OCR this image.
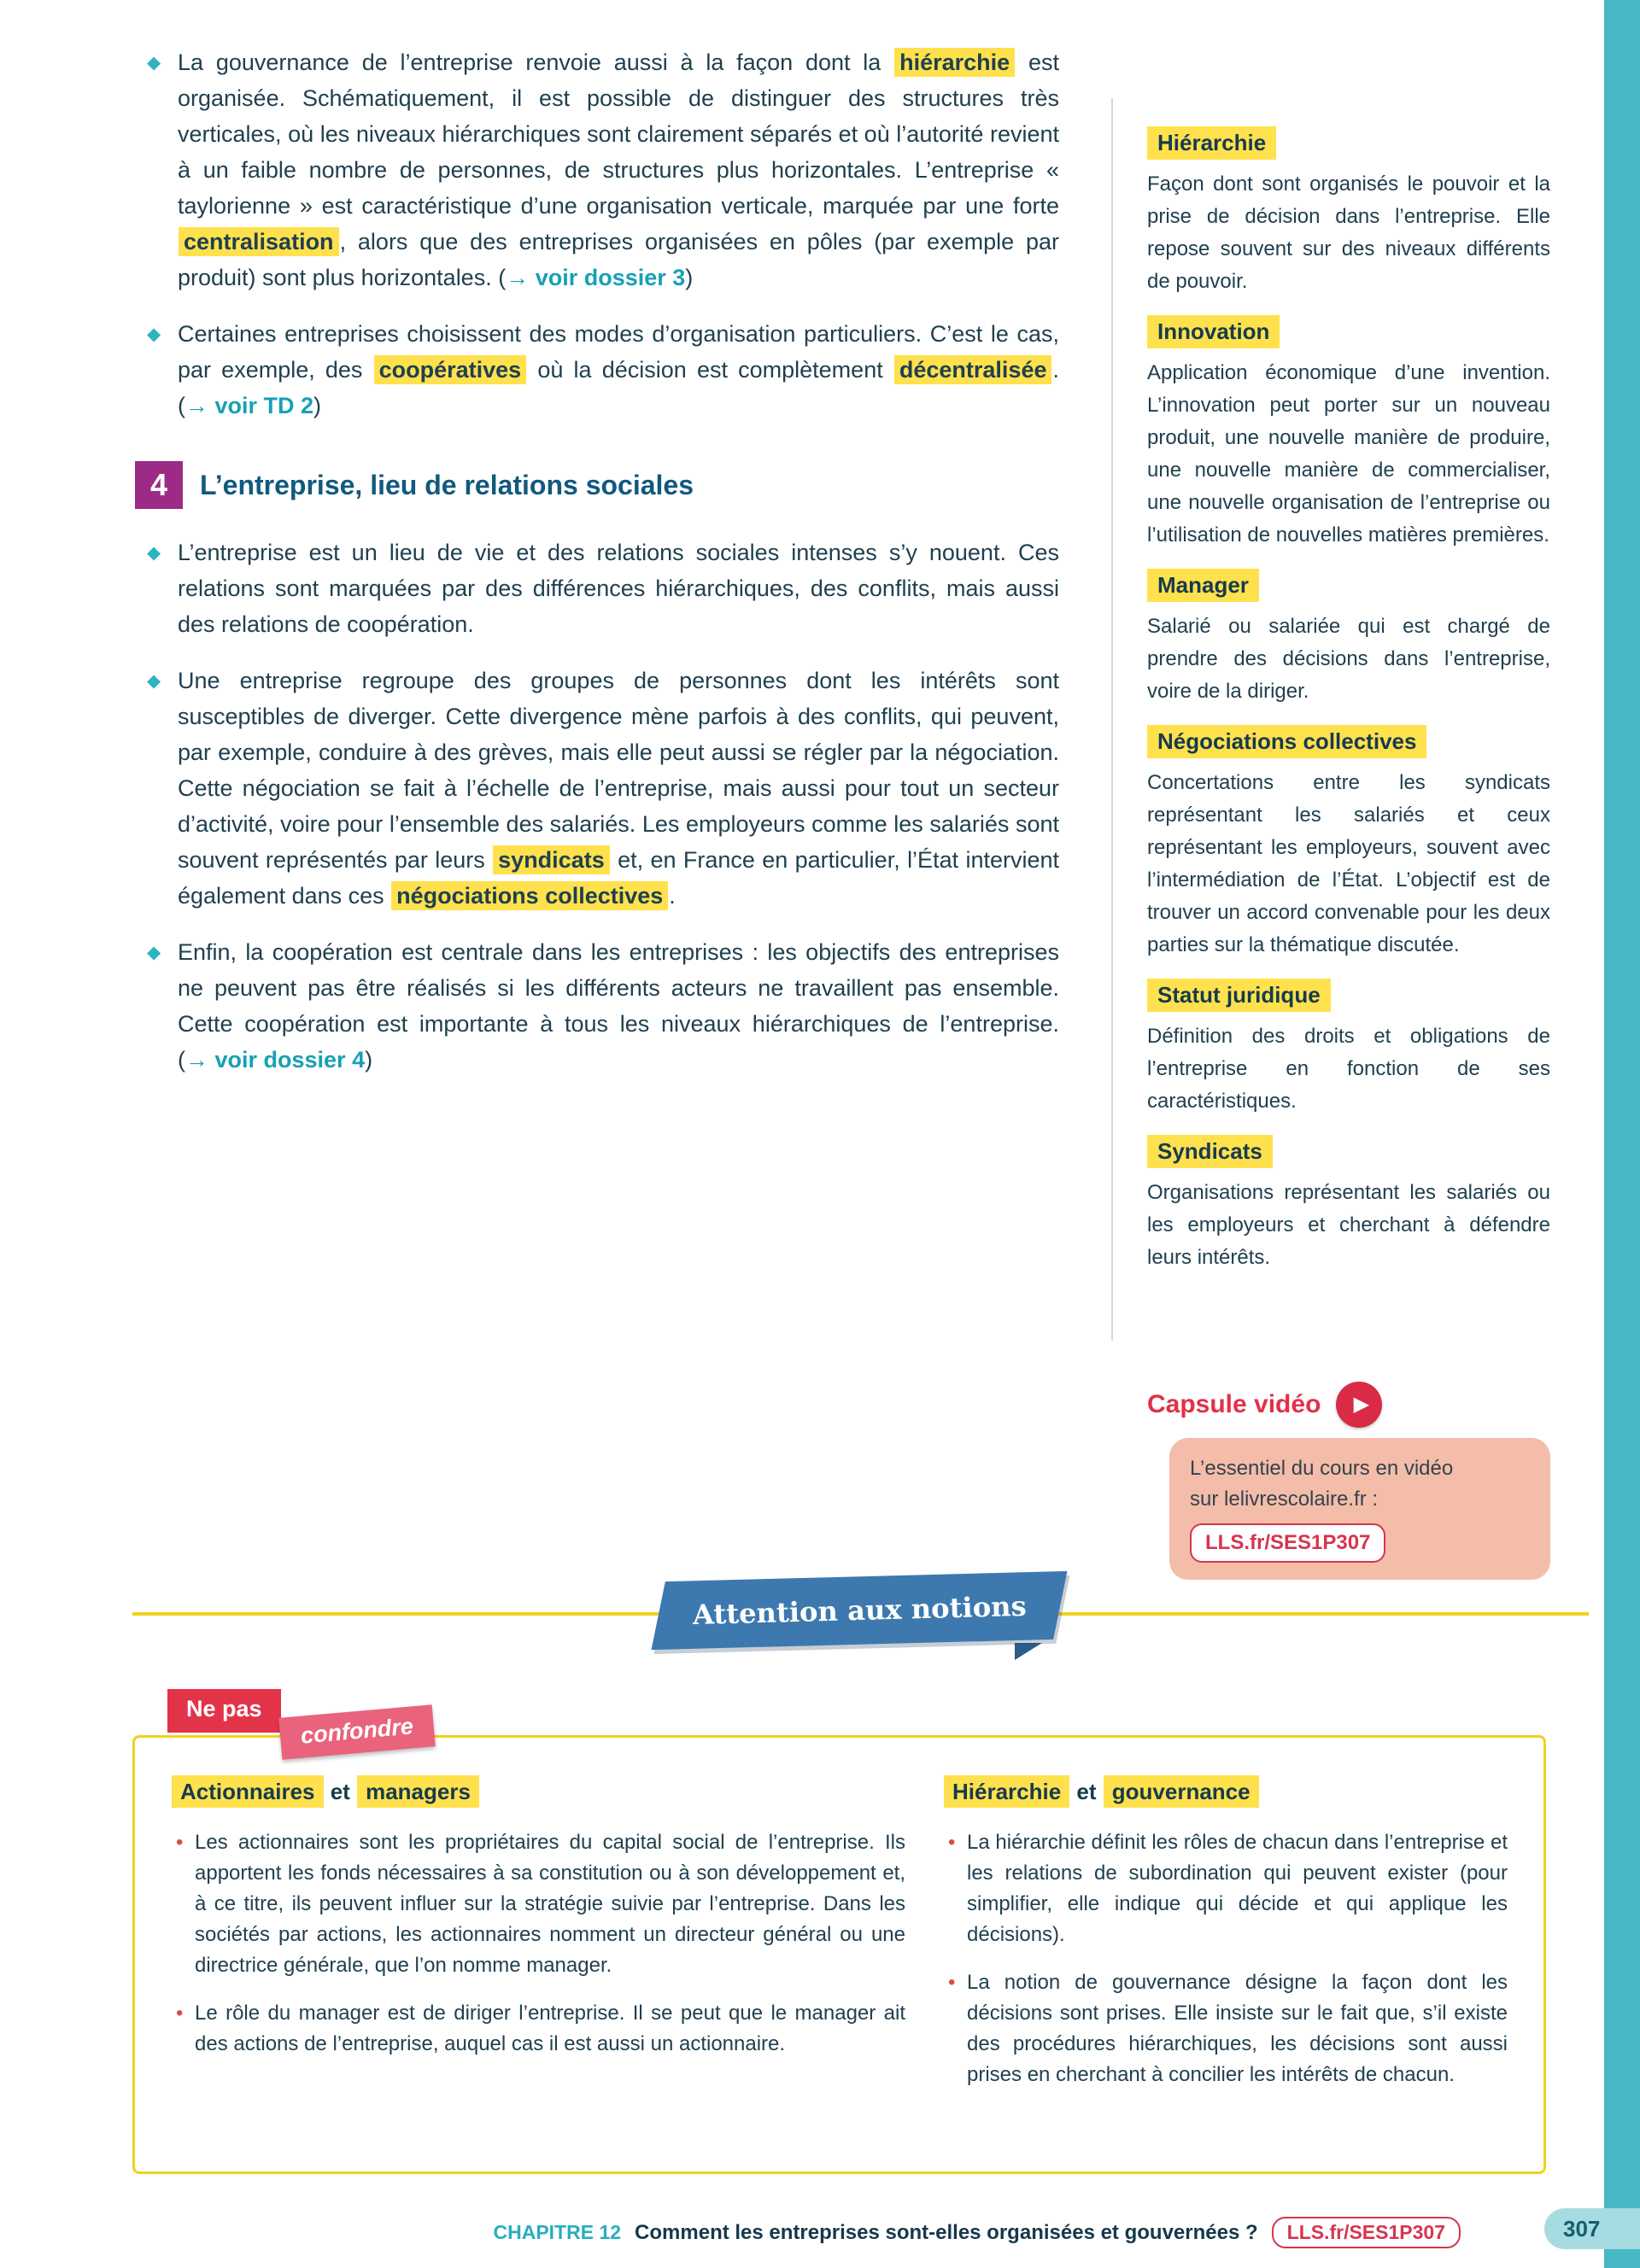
◆ La gouvernance de l’entreprise renvoie aussi à la façon dont la hiérarchie est organisée. Schématiquement, il est possible de distinguer des structures très verticales, où les niveaux hiérarchiques sont clairement séparés et où l’autorité revient à un faible nombre de personnes, de structures plus horizontales. L’entreprise « taylorienne » est caractéristique d’une organisation verticale, marquée par une forte centralisation , alors que des entreprises organisées en pôles (par exemple par produit) sont plus horizontales. (→ voir dossier 3)

◆ Certaines entreprises choisissent des modes d’organisation particuliers. C’est le cas, par exemple, des coopératives où la décision est complètement décentralisée . (→ voir TD 2)

4	L’entreprise, lieu de relations sociales

◆ L’entreprise est un lieu de vie et des relations sociales intenses s’y nouent. Ces relations sont marquées par des différences hiérarchiques, des conflits, mais aussi des relations de coopération.

◆ Une entreprise regroupe des groupes de personnes dont les intérêts sont susceptibles de diverger. Cette divergence mène parfois à des conflits, qui peuvent, par exemple, conduire à des grèves, mais elle peut aussi se régler par la négociation. Cette négociation se fait à l’échelle de l’entreprise, mais aussi pour tout un secteur d’activité, voire pour l’ensemble des salariés. Les employeurs comme les salariés sont souvent représentés par leurs syndicats et, en France en particulier, l’État intervient également dans ces négociations collectives .

◆ Enfin, la coopération est centrale dans les entreprises : les objectifs des entreprises ne peuvent pas être réalisés si les différents acteurs ne travaillent pas ensemble. Cette coopération est importante à tous les niveaux hiérarchiques de l’entreprise. (→ voir dossier 4)

Hiérarchie

Façon dont sont organisés le pouvoir et la prise de décision dans l’entreprise. Elle repose souvent sur des niveaux différents de pouvoir.

Innovation

Application économique d’une invention. L’innovation peut porter sur un nouveau produit, une nouvelle manière de produire, une nouvelle manière de commercialiser, une nouvelle organisation de l’entreprise ou l’utilisation de nouvelles matières premières.

Manager

Salarié ou salariée qui est chargé de prendre des décisions dans l’entreprise, voire de la diriger.

Négociations collectives

Concertations entre les syndicats représentant les salariés et ceux représentant les employeurs, souvent avec l’intermédiation de l’État. L’objectif est de trouver un accord convenable pour les deux parties sur la thématique discutée.

Statut juridique

Définition des droits et obligations de l’entreprise en fonction de ses caractéristiques.

Syndicats

Organisations représentant les salariés ou les employeurs et cherchant à défendre leurs intérêts.

Capsule vidéo ▶
L’essentiel du cours en vidéo
sur lelivrescolaire.fr :
LLS.fr/SES1P307
Attention aux notions
Ne pas
confondre
Actionnaires et managers

• Les actionnaires sont les propriétaires du capital social de l’entreprise. Ils apportent les fonds nécessaires à sa constitution ou à son développement et, à ce titre, ils peuvent influer sur la stratégie suivie par l’entreprise. Dans les sociétés par actions, les actionnaires nomment un directeur général ou une directrice générale, que l’on nomme manager.

• Le rôle du manager est de diriger l’entreprise. Il se peut que le manager ait des actions de l’entreprise, auquel cas il est aussi un actionnaire.

Hiérarchie et gouvernance

• La hiérarchie définit les rôles de chacun dans l’entreprise et les relations de subordination qui peuvent exister (pour simplifier, elle indique qui décide et qui applique les décisions).

• La notion de gouvernance désigne la façon dont les décisions sont prises. Elle insiste sur le fait que, s’il existe des procédures hiérarchiques, les décisions sont aussi prises en cherchant à concilier les intérêts de chacun.

CHAPITRE 12 Comment les entreprises sont-elles organisées et gouvernées ?	LLS.fr/SES1P307	307
